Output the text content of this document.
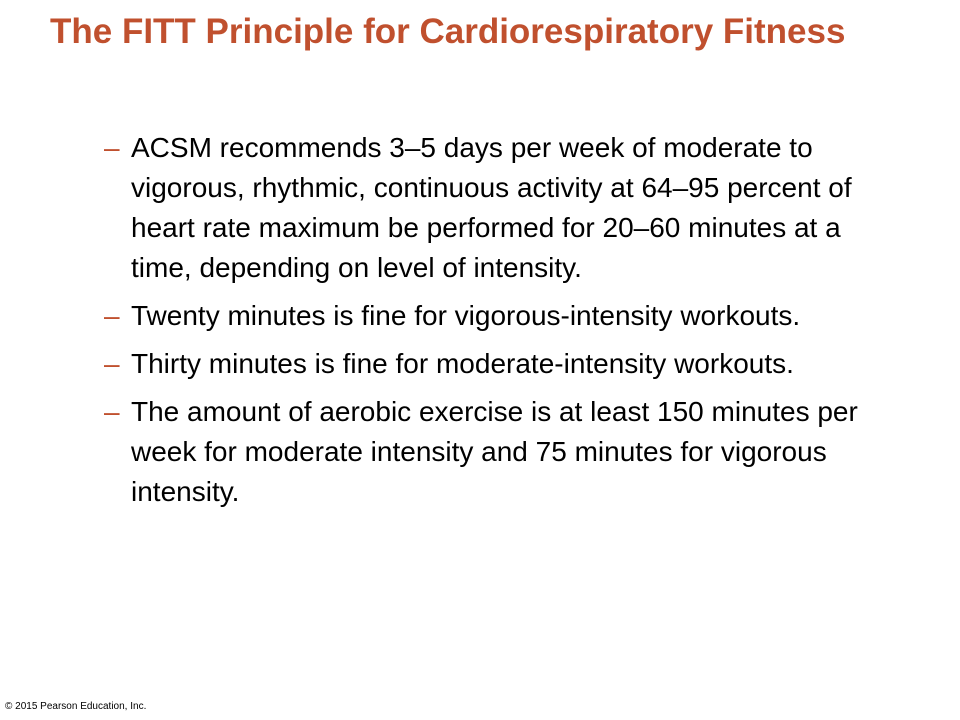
The FITT Principle for Cardiorespiratory Fitness
– ACSM recommends 3–5 days per week of moderate to vigorous, rhythmic, continuous activity at 64–95 percent of heart rate maximum be performed for 20–60 minutes at a time, depending on level of intensity.
– Twenty minutes is fine for vigorous-intensity workouts.
– Thirty minutes is fine for moderate-intensity workouts.
– The amount of aerobic exercise is at least 150 minutes per week for moderate intensity and 75 minutes for vigorous intensity.
© 2015 Pearson Education, Inc.
